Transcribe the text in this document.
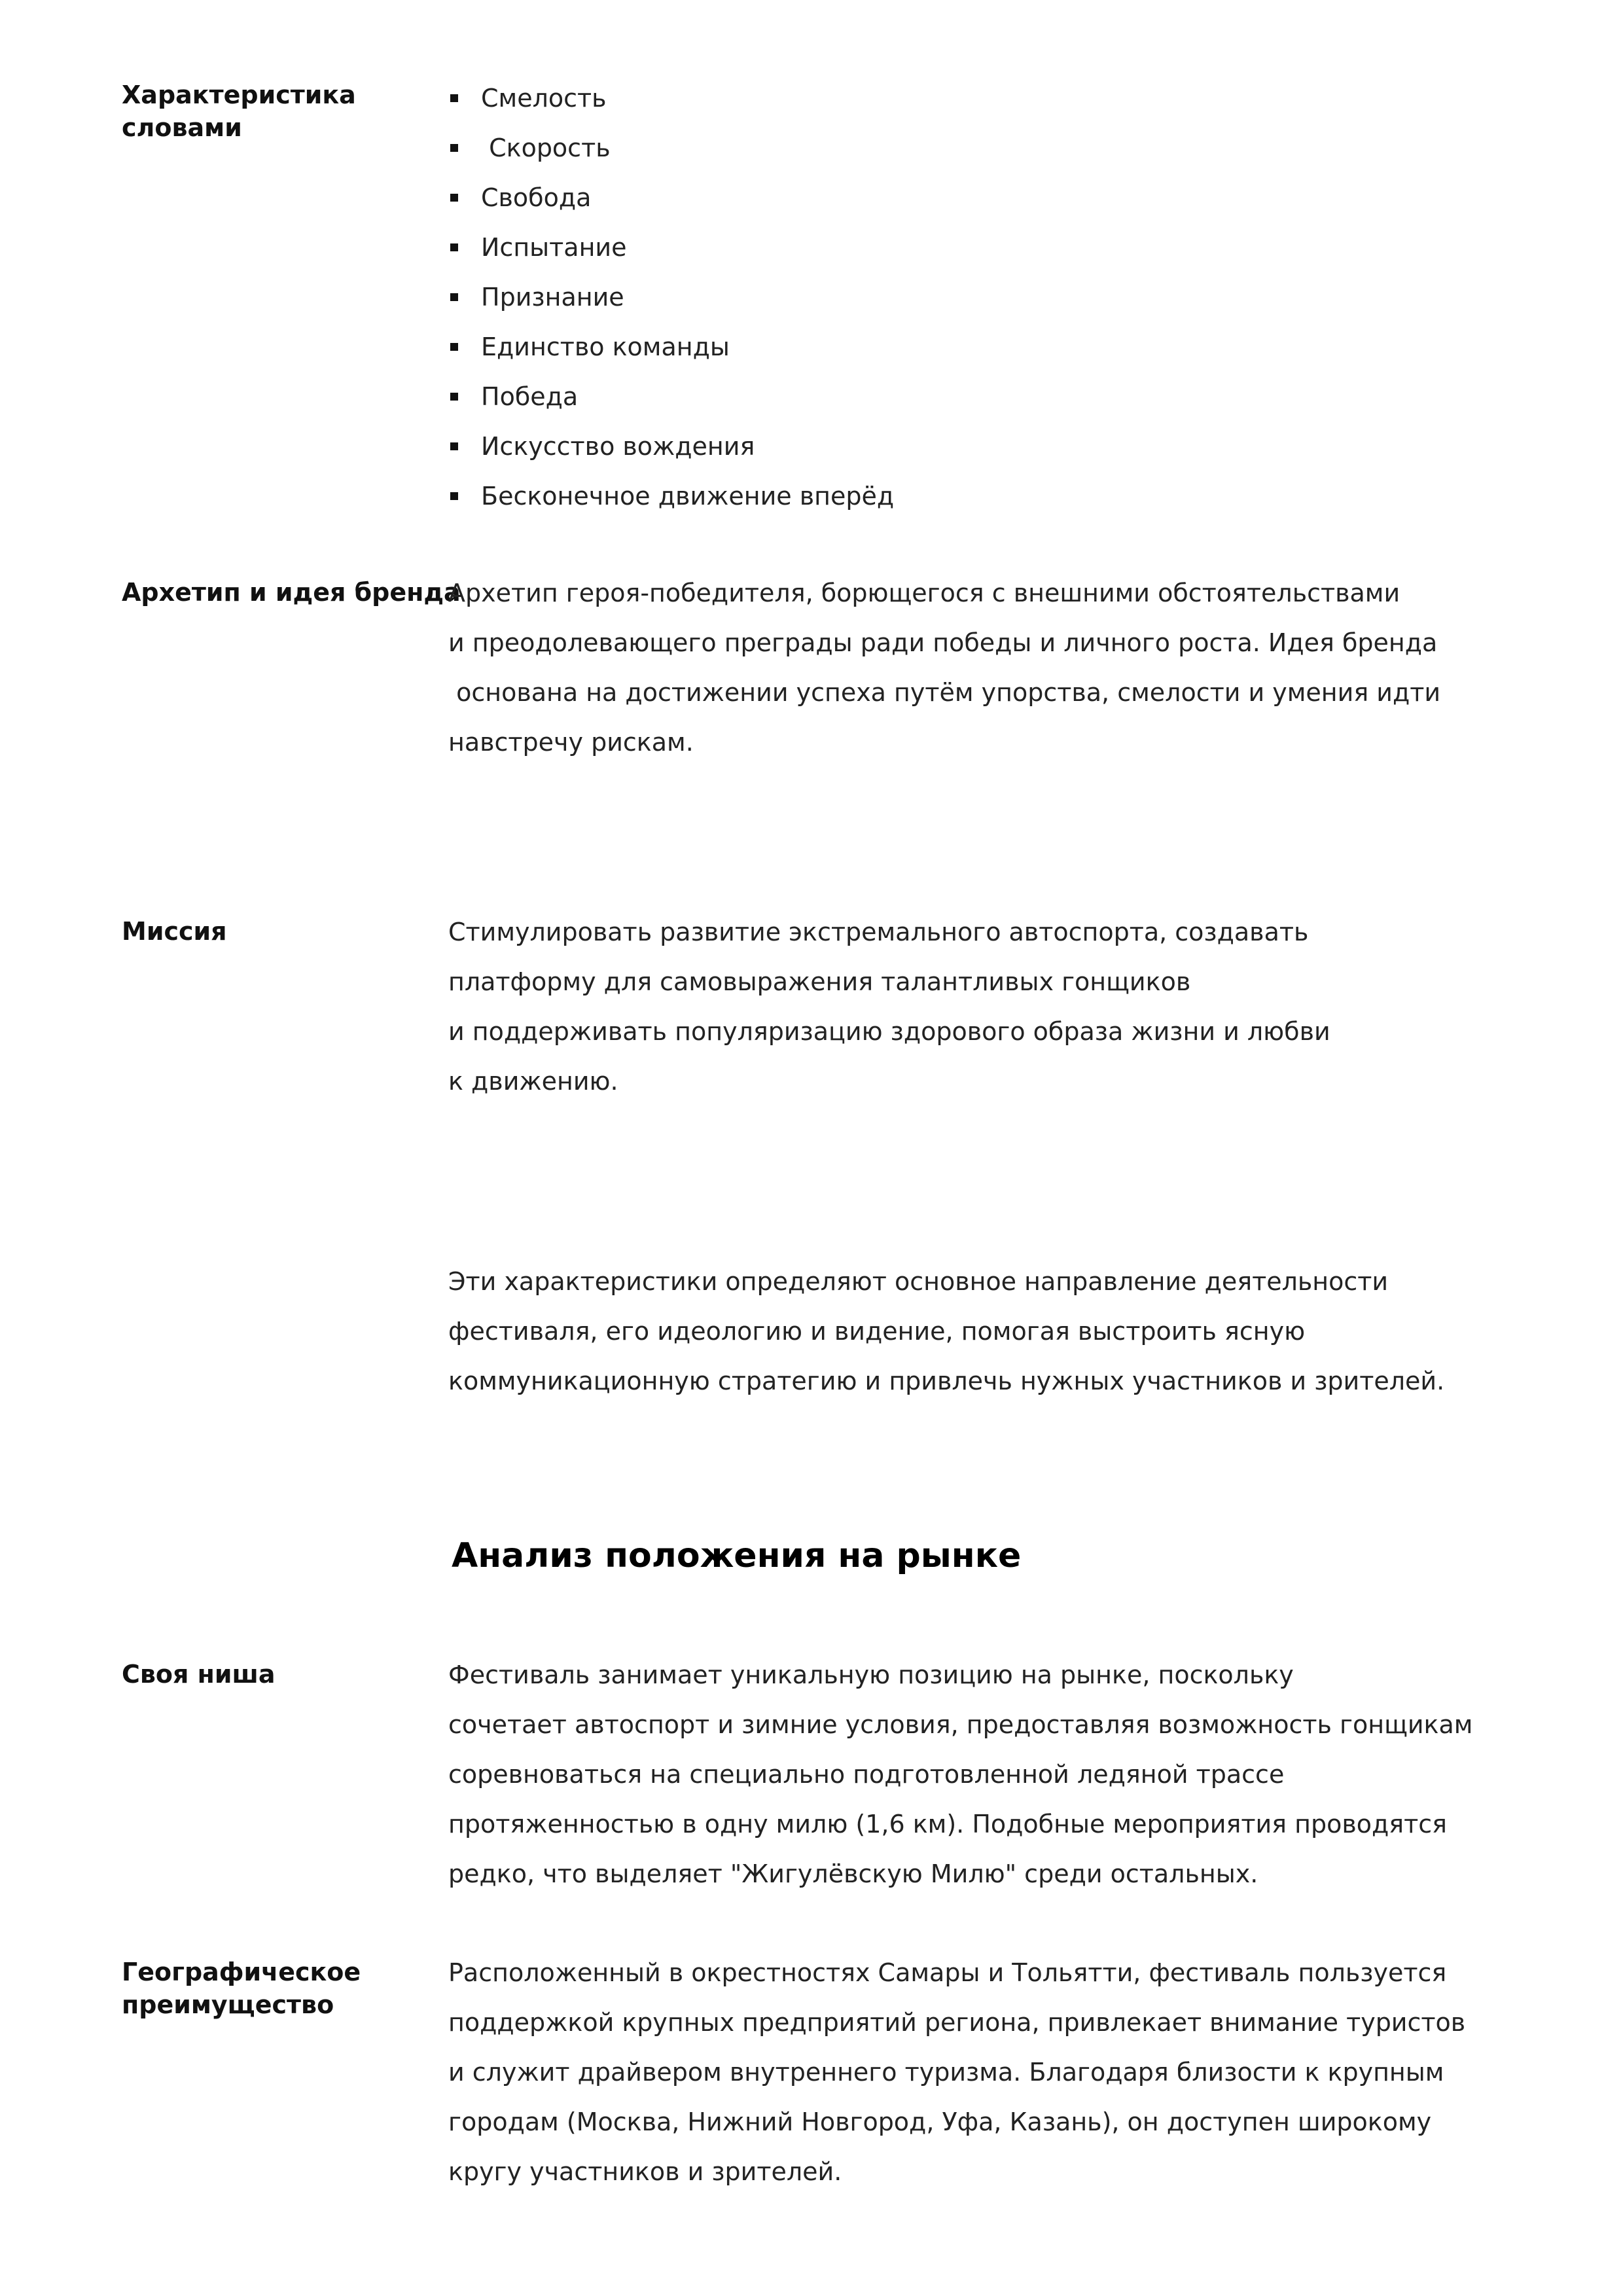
Характеристика
словами
Смелость
Скорость
Свобода
Испытание
Признание
Единство команды
Победа
Искусство вождения
Бесконечное движение вперёд
Архетип и идея бренда
Архетип героя-победителя, борющегося с внешними обстоятельствами
и преодолевающего преграды ради победы и личного роста. Идея бренда
основана на достижении успеха путём упорства, смелости и умения идти
навстречу рискам.
Миссия	Стимулировать развитие экстремального автоспорта, создавать
платформу для самовыражения талантливых гонщиков
и поддерживать популяризацию здорового образа жизни и любви
к движению.
Эти характеристики определяют основное направление деятельности
фестиваля, его идеологию и видение, помогая выстроить ясную
коммуникационную стратегию и привлечь нужных участников и зрителей.
Анализ положения на рынке
Своя ниша	Фестиваль занимает уникальную позицию на рынке, поскольку
сочетает автоспорт и зимние условия, предоставляя возможность гонщикам
соревноваться на специально подготовленной ледяной трассе
протяженностью в одну милю (1,6 км). Подобные мероприятия проводятся
редко, что выделяет "Жигулёвскую Милю" среди остальных.
Географическое
преимущество
Расположенный в окрестностях Самары и Тольятти, фестиваль пользуется
поддержкой крупных предприятий региона, привлекает внимание туристов
и служит драйвером внутреннего туризма. Благодаря близости к крупным
городам (Москва, Нижний Новгород, Уфа, Казань), он доступен широкому
кругу участников и зрителей.
